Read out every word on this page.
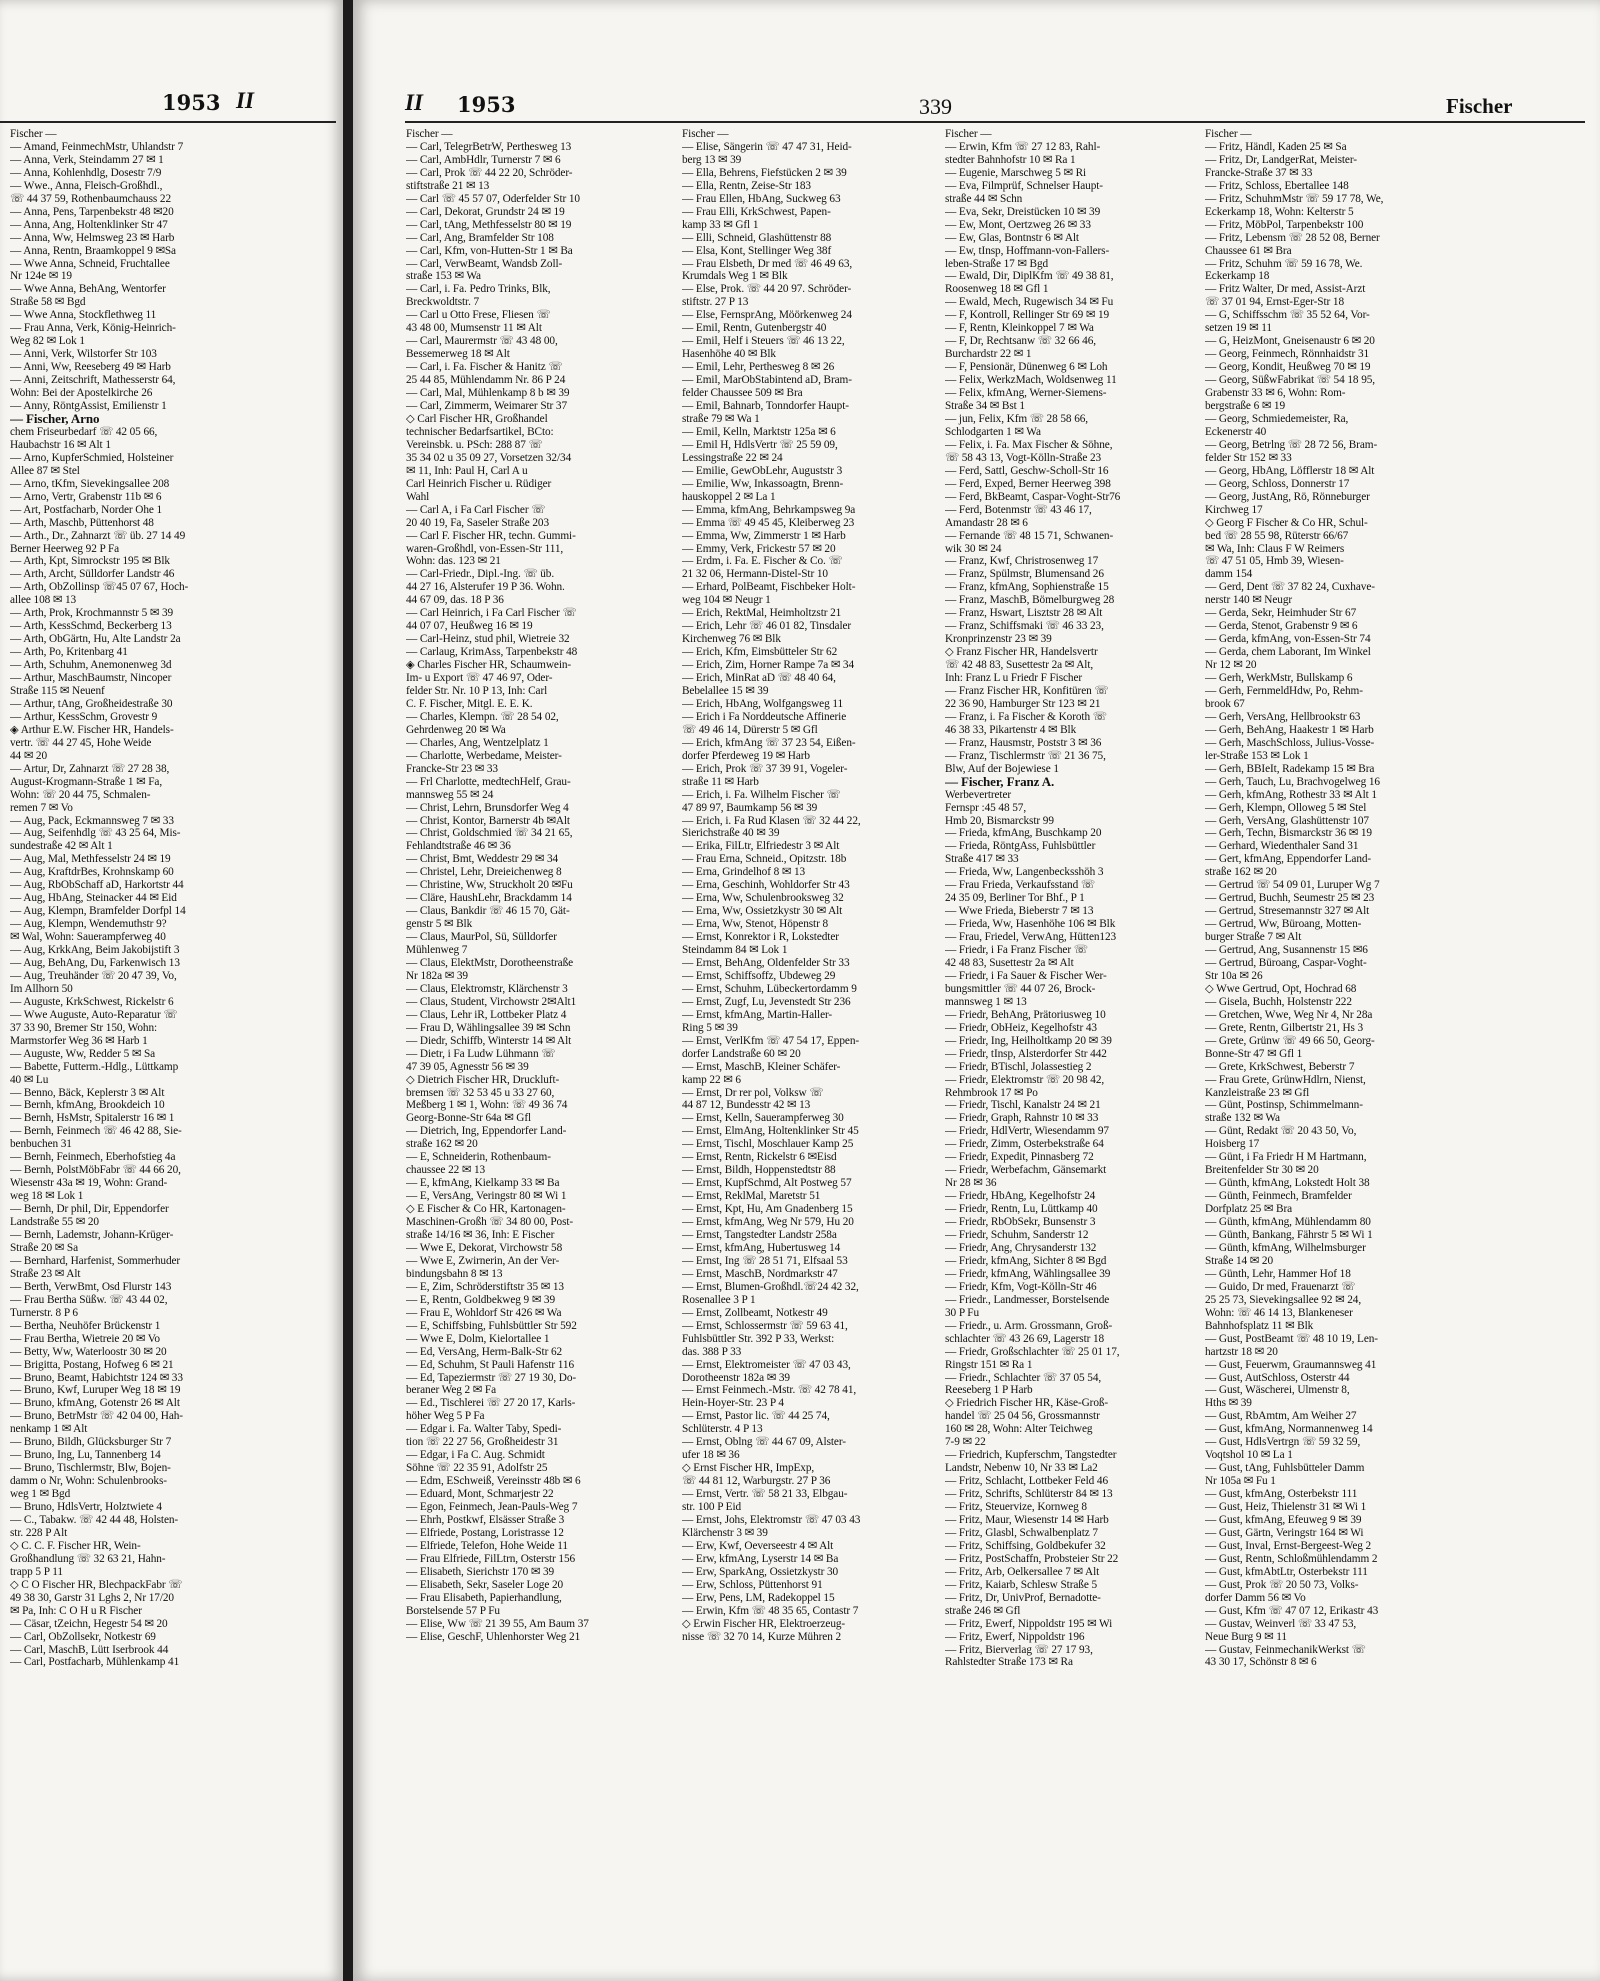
1953 II
Fischer —
— Amand, FeinmechMstr, Uhlandstr 7
— Anna, Verk, Steindamm 27 ✉ 1
— Anna, Kohlenhdlg, Dosestr 7/9
— Wwe., Anna, Fleisch-Großhdl.,
☏ 44 37 59, Rothenbaumchauss 22
— Anna, Pens, Tarpenbekstr 48 ✉20
— Anna, Ang, Holtenklinker Str 47
— Anna, Ww, Helmsweg 23 ✉ Harb
— Anna, Rentn, Braamkoppel 9 ✉Sa
— Wwe Anna, Schneid, Fruchtallee
Nr 124e ✉ 19
— Wwe Anna, BehAng, Wentorfer
Straße 58 ✉ Bgd
— Wwe Anna, Stockflethweg 11
— Frau Anna, Verk, König-Heinrich-
Weg 82 ✉ Lok 1
— Anni, Verk, Wilstorfer Str 103
— Anni, Ww, Reeseberg 49 ✉ Harb
— Anni, Zeitschrift, Mathesserstr 64,
Wohn: Bei der Apostelkirche 26
— Anny, RöntgAssist, Emilienstr 1
— Fischer, Arno
chem Friseurbedarf ☏ 42 05 66,
Haubachstr 16 ✉ Alt 1
— Arno, KupferSchmied, Holsteiner
Allee 87 ✉ Stel
— Arno, tKfm, Sievekingsallee 208
— Arno, Vertr, Grabenstr 11b ✉ 6
— Art, Postfacharb, Norder Ohe 1
— Arth, Maschb, Püttenhorst 48
— Arth., Dr., Zahnarzt ☏ üb. 27 14 49
Berner Heerweg 92 P Fa
— Arth, Kpt, Simrockstr 195 ✉ Blk
— Arth, Archt, Sülldorfer Landstr 46
— Arth, ObZollinsp ☏45 07 67, Hoch-
allee 108 ✉ 13
— Arth, Prok, Krochmannstr 5 ✉ 39
— Arth, KessSchmd, Beckerberg 13
— Arth, ObGärtn, Hu, Alte Landstr 2a
— Arth, Po, Kritenbarg 41
— Arth, Schuhm, Anemonenweg 3d
— Arthur, MaschBaumstr, Nincoper
Straße 115 ✉ Neuenf
— Arthur, tAng, Großheidestraße 30
— Arthur, KessSchm, Grovestr 9
◈ Arthur E.W. Fischer HR, Handels-
vertr. ☏ 44 27 45, Hohe Weide
44 ✉ 20
— Artur, Dr, Zahnarzt ☏ 27 28 38,
August-Krogmann-Straße 1 ✉ Fa,
Wohn: ☏ 20 44 75, Schmalen-
remen 7 ✉ Vo
— Aug, Pack, Eckmannsweg 7 ✉ 33
— Aug, Seifenhdlg ☏ 43 25 64, Mis-
sundestraße 42 ✉ Alt 1
— Aug, Mal, Methfesselstr 24 ✉ 19
— Aug, KraftdrBes, Krohnskamp 60
— Aug, RbObSchaff aD, Harkortstr 44
— Aug, HbAng, Steinacker 44 ✉ Eid
— Aug, Klempn, Bramfelder Dorfpl 14
— Aug, Klempn, Wendemuthstr 9?
✉ Wal, Wohn: Sauerampferweg 40
— Aug, KrkkAng, Beim Jakobijstift 3
— Aug, BehAng, Du, Farkenwisch 13
— Aug, Treuhänder ☏ 20 47 39, Vo,
Im Allhorn 50
— Auguste, KrkSchwest, Rickelstr 6
— Wwe Auguste, Auto-Reparatur ☏
37 33 90, Bremer Str 150, Wohn:
Marmstorfer Weg 36 ✉ Harb 1
— Auguste, Ww, Redder 5 ✉ Sa
— Babette, Futterm.-Hdlg., Lüttkamp
40 ✉ Lu
— Benno, Bäck, Keplerstr 3 ✉ Alt
— Bernh, kfmAng, Brookdeich 10
— Bernh, HsMstr, Spitalerstr 16 ✉ 1
— Bernh, Feinmech ☏ 46 42 88, Sie-
benbuchen 31
— Bernh, Feinmech, Eberhofstieg 4a
— Bernh, PolstMöbFabr ☏ 44 66 20,
Wiesenstr 43a ✉ 19, Wohn: Grand-
weg 18 ✉ Lok 1
— Bernh, Dr phil, Dir, Eppendorfer
Landstraße 55 ✉ 20
— Bernh, Lademstr, Johann-Krüger-
Straße 20 ✉ Sa
— Bernhard, Harfenist, Sommerhuder
Straße 23 ✉ Alt
— Berth, VerwBmt, Osd Flurstr 143
— Frau Bertha Süßw. ☏ 43 44 02,
Turnerstr. 8 P 6
— Bertha, Neuhöfer Brückenstr 1
— Frau Bertha, Wietreie 20 ✉ Vo
— Betty, Ww, Waterloostr 30 ✉ 20
— Brigitta, Postang, Hofweg 6 ✉ 21
— Bruno, Beamt, Habichtstr 124 ✉ 33
— Bruno, Kwf, Luruper Weg 18 ✉ 19
— Bruno, kfmAng, Gotenstr 26 ✉ Alt
— Bruno, BetrMstr ☏ 42 04 00, Hah-
nenkamp 1 ✉ Alt
— Bruno, Bildh, Glücksburger Str 7
— Bruno, Ing, Lu, Tannenberg 14
— Bruno, Tischlermstr, Blw, Bojen-
damm o Nr, Wohn: Schulenbrooks-
weg 1 ✉ Bgd
— Bruno, HdlsVertr, Holztwiete 4
— C., Tabakw. ☏ 42 44 48, Holsten-
str. 228 P Alt
◇ C. C. F. Fischer HR, Wein-
Großhandlung ☏ 32 63 21, Hahn-
trapp 5 P 11
◇ C O Fischer HR, BlechpackFabr ☏
49 38 30, Garstr 31 Lghs 2, Nr 17/20
✉ Pa, Inh: C O H u R Fischer
— Cäsar, tZeichn, Hegestr 54 ✉ 20
— Carl, ObZollsekr, Notkestr 69
— Carl, MaschB, Lütt Iserbrook 44
— Carl, Postfacharb, Mühlenkamp 41
II 1953	339	Fischer
Fischer —
— Carl, TelegrBetrW, Perthesweg 13
— Carl, AmbHdlr, Turnerstr 7 ✉ 6
— Carl, Prok ☏ 44 22 20, Schröder-
stiftstraße 21 ✉ 13
— Carl ☏ 45 57 07, Oderfelder Str 10
— Carl, Dekorat, Grundstr 24 ✉ 19
— Carl, tAng, Methfesselstr 80 ✉ 19
— Carl, Ang, Bramfelder Str 108
— Carl, Kfm, von-Hutten-Str 1 ✉ Ba
— Carl, VerwBeamt, Wandsb Zoll-
straße 153 ✉ Wa
— Carl, i. Fa. Pedro Trinks, Blk,
Breckwoldtstr. 7
— Carl u Otto Frese, Fliesen ☏
43 48 00, Mumsenstr 11 ✉ Alt
— Carl, Maurermstr ☏ 43 48 00,
Bessemerweg 18 ✉ Alt
— Carl, i. Fa. Fischer & Hanitz ☏
25 44 85, Mühlendamm Nr. 86 P 24
— Carl, Mal, Mühlenkamp 8 b ✉ 39
— Carl, Zimmerm, Weimarer Str 37
◇ Carl Fischer HR, Großhandel
technischer Bedarfsartikel, BCto:
Vereinsbk. u. PSch: 288 87 ☏
35 34 02 u 35 09 27, Vorsetzen 32/34
✉ 11, Inh: Paul H, Carl A u
Carl Heinrich Fischer u. Rüdiger
Wahl
— Carl A, i Fa Carl Fischer ☏
20 40 19, Fa, Saseler Straße 203
— Carl F. Fischer HR, techn. Gummi-
waren-Großhdl, von-Essen-Str 111,
Wohn: das. 123 ✉ 21
— Carl-Friedr., Dipl.-Ing. ☏ üb.
44 27 16, Alsterufer 19 P 36. Wohn.
44 67 09, das. 18 P 36
— Carl Heinrich, i Fa Carl Fischer ☏
44 07 07, Heußweg 16 ✉ 19
— Carl-Heinz, stud phil, Wietreie 32
— Carlaug, KrimAss, Tarpenbekstr 48
◈ Charles Fischer HR, Schaumwein-
Im- u Export ☏ 47 46 97, Oder-
felder Str. Nr. 10 P 13, Inh: Carl
C. F. Fischer, Mitgl. E. E. K.
— Charles, Klempn. ☏ 28 54 02,
Gehrdenweg 20 ✉ Wa
— Charles, Ang, Wentzelplatz 1
— Charlotte, Werbedame, Meister-
Francke-Str 23 ✉ 33
— Frl Charlotte, medtechHelf, Grau-
mannsweg 55 ✉ 24
— Christ, Lehrn, Brunsdorfer Weg 4
— Christ, Kontor, Barnerstr 4b ✉Alt
— Christ, Goldschmied ☏ 34 21 65,
Fehlandtstraße 46 ✉ 36
— Christ, Bmt, Weddestr 29 ✉ 34
— Christel, Lehr, Dreieichenweg 8
— Christine, Ww, Struckholt 20 ✉Fu
— Cläre, HaushLehr, Brackdamm 14
— Claus, Bankdir ☏ 46 15 70, Gät-
genstr 5 ✉ Blk
— Claus, MaurPol, Sü, Sülldorfer
Mühlenweg 7
— Claus, ElektMstr, Dorotheenstraße
Nr 182a ✉ 39
— Claus, Elektromstr, Klärchenstr 3
— Claus, Student, Virchowstr 2✉Alt1
— Claus, Lehr iR, Lottbeker Platz 4
— Frau D, Wählingsallee 39 ✉ Schn
— Diedr, Schiffb, Winterstr 14 ✉ Alt
— Dietr, i Fa Ludw Lühmann ☏
47 39 05, Agnesstr 56 ✉ 39
◇ Dietrich Fischer HR, Druckluft-
bremsen ☏ 32 53 45 u 33 27 60,
Meßberg 1 ✉ 1, Wohn: ☏ 49 36 74
Georg-Bonne-Str 64a ✉ Gfl
— Dietrich, Ing, Eppendorfer Land-
straße 162 ✉ 20
— E, Schneiderin, Rothenbaum-
chaussee 22 ✉ 13
— E, kfmAng, Kielkamp 33 ✉ Ba
— E, VersAng, Veringstr 80 ✉ Wi 1
◇ E Fischer & Co HR, Kartonagen-
Maschinen-Großh ☏ 34 80 00, Post-
straße 14/16 ✉ 36, Inh: E Fischer
— Wwe E, Dekorat, Virchowstr 58
— Wwe E, Zwirnerin, An der Ver-
bindungsbahn 8 ✉ 13
— E, Zim, Schröderstiftstr 35 ✉ 13
— E, Rentn, Goldbekweg 9 ✉ 39
— Frau E, Wohldorf Str 426 ✉ Wa
— E, Schiffsbing, Fuhlsbüttler Str 592
— Wwe E, Dolm, Kielortallee 1
— Ed, VersAng, Herm-Balk-Str 62
— Ed, Schuhm, St Pauli Hafenstr 116
— Ed, Tapeziermstr ☏ 27 19 30, Do-
beraner Weg 2 ✉ Fa
— Ed., Tischlerei ☏ 27 20 17, Karls-
höher Weg 5 P Fa
— Edgar i. Fa. Walter Taby, Spedi-
tion ☏ 22 27 56, Großheidestr 31
— Edgar, i Fa C. Aug. Schmidt
Söhne ☏ 22 35 91, Adolfstr 25
— Edm, ESchweiß, Vereinsstr 48b ✉ 6
— Eduard, Mont, Schmarjestr 22
— Egon, Feinmech, Jean-Pauls-Weg 7
— Ehrh, Postkwf, Elsässer Straße 3
— Elfriede, Postang, Loristrasse 12
— Elfriede, Telefon, Hohe Weide 11
— Frau Elfriede, FilLtrn, Osterstr 156
— Elisabeth, Sierichstr 170 ✉ 39
— Elisabeth, Sekr, Saseler Loge 20
— Frau Elisabeth, Papierhandlung,
Borstelsende 57 P Fu
— Elise, Ww ☏ 21 39 55, Am Baum 37
— Elise, GeschF, Uhlenhorster Weg 21
Fischer —
— Elise, Sängerin ☏ 47 47 31, Heid-
berg 13 ✉ 39
— Ella, Behrens, Fiefstücken 2 ✉ 39
— Ella, Rentn, Zeise-Str 183
— Frau Ellen, HbAng, Suckweg 63
— Frau Elli, KrkSchwest, Papen-
kamp 33 ✉ Gfl 1
— Elli, Schneid, Glashüttenstr 88
— Elsa, Kont, Stellinger Weg 38f
— Frau Elsbeth, Dr med ☏ 46 49 63,
Krumdals Weg 1 ✉ Blk
— Else, Prok. ☏ 44 20 97. Schröder-
stiftstr. 27 P 13
— Else, FernsprAng, Möörkenweg 24
— Emil, Rentn, Gutenbergstr 40
— Emil, Helf i Steuers ☏ 46 13 22,
Hasenhöhe 40 ✉ Blk
— Emil, Lehr, Perthesweg 8 ✉ 26
— Emil, MarObStabintend aD, Bram-
felder Chaussee 509 ✉ Bra
— Emil, Bahnarb, Tonndorfer Haupt-
straße 79 ✉ Wa 1
— Emil, Kelln, Marktstr 125a ✉ 6
— Emil H, HdlsVertr ☏ 25 59 09,
Lessingstraße 22 ✉ 24
— Emilie, GewObLehr, Auguststr 3
— Emilie, Ww, Inkassoagtn, Brenn-
hauskoppel 2 ✉ La 1
— Emma, kfmAng, Behrkampsweg 9a
— Emma ☏ 49 45 45, Kleiberweg 23
— Emma, Ww, Zimmerstr 1 ✉ Harb
— Emmy, Verk, Frickestr 57 ✉ 20
— Erdm, i. Fa. E. Fischer & Co. ☏
21 32 06, Hermann-Distel-Str 10
— Erhard, PolBeamt, Fischbeker Holt-
weg 104 ✉ Neugr 1
— Erich, RektMal, Heimholtzstr 21
— Erich, Lehr ☏ 46 01 82, Tinsdaler
Kirchenweg 76 ✉ Blk
— Erich, Kfm, Eimsbütteler Str 62
— Erich, Zim, Horner Rampe 7a ✉ 34
— Erich, MinRat aD ☏ 48 40 64,
Bebelallee 15 ✉ 39
— Erich, HbAng, Wolfgangsweg 11
— Erich i Fa Norddeutsche Affinerie
☏ 49 46 14, Dürerstr 5 ✉ Gfl
— Erich, kfmAng ☏ 37 23 54, Eißen-
dorfer Pferdeweg 19 ✉ Harb
— Erich, Prok ☏ 37 39 91, Vogeler-
straße 11 ✉ Harb
— Erich, i. Fa. Wilhelm Fischer ☏
47 89 97, Baumkamp 56 ✉ 39
— Erich, i. Fa Rud Klasen ☏ 32 44 22,
Sierichstraße 40 ✉ 39
— Erika, FilLtr, Elfriedestr 3 ✉ Alt
— Frau Erna, Schneid., Opitzstr. 18b
— Erna, Grindelhof 8 ✉ 13
— Erna, Geschinh, Wohldorfer Str 43
— Erna, Ww, Schulenbrooksweg 32
— Erna, Ww, Ossietzkystr 30 ✉ Alt
— Erna, Ww, Stenot, Höpenstr 8
— Ernst, Konrektor i R, Lokstedter
Steindamm 84 ✉ Lok 1
— Ernst, BehAng, Oldenfelder Str 33
— Ernst, Schiffsoffz, Ubdeweg 29
— Ernst, Schuhm, Lübeckertordamm 9
— Ernst, Zugf, Lu, Jevenstedt Str 236
— Ernst, kfmAng, Martin-Haller-
Ring 5 ✉ 39
— Ernst, VerlKfm ☏ 47 54 17, Eppen-
dorfer Landstraße 60 ✉ 20
— Ernst, MaschB, Kleiner Schäfer-
kamp 22 ✉ 6
— Ernst, Dr rer pol, Volksw ☏
44 87 12, Bundesstr 42 ✉ 13
— Ernst, Kelln, Sauerampferweg 30
— Ernst, ElmAng, Holtenklinker Str 45
— Ernst, Tischl, Moschlauer Kamp 25
— Ernst, Rentn, Rickelstr 6 ✉Eisd
— Ernst, Bildh, Hoppenstedtstr 88
— Ernst, KupfSchmd, Alt Postweg 57
— Ernst, ReklMal, Maretstr 51
— Ernst, Kpt, Hu, Am Gnadenberg 15
— Ernst, kfmAng, Weg Nr 579, Hu 20
— Ernst, Tangstedter Landstr 258a
— Ernst, kfmAng, Hubertusweg 14
— Ernst, Ing ☏ 28 51 71, Elfsaal 53
— Ernst, MaschB, Nordmarkstr 47
— Ernst, Blumen-Großhdl.☏24 42 32,
Rosenallee 3 P 1
— Ernst, Zollbeamt, Notkestr 49
— Ernst, Schlossermstr ☏ 59 63 41,
Fuhlsbüttler Str. 392 P 33, Werkst:
das. 388 P 33
— Ernst, Elektromeister ☏ 47 03 43,
Dorotheenstr 182a ✉ 39
— Ernst Feinmech.-Mstr. ☏ 42 78 41,
Hein-Hoyer-Str. 23 P 4
— Ernst, Pastor lic. ☏ 44 25 74,
Schlüterstr. 4 P 13
— Ernst, Oblng ☏ 44 67 09, Alster-
ufer 18 ✉ 36
◇ Ernst Fischer HR, ImpExp,
☏ 44 81 12, Warburgstr. 27 P 36
— Ernst, Vertr. ☏ 58 21 33, Elbgau-
str. 100 P Eid
— Ernst, Johs, Elektromstr ☏ 47 03 43
Klärchenstr 3 ✉ 39
— Erw, Kwf, Oeverseestr 4 ✉ Alt
— Erw, kfmAng, Lyserstr 14 ✉ Ba
— Erw, SparkAng, Ossietzkystr 30
— Erw, Schloss, Püttenhorst 91
— Erw, Pens, LM, Radekoppel 15
— Erwin, Kfm ☏ 48 35 65, Contastr 7
◇ Erwin Fischer HR, Elektroerzeug-
nisse ☏ 32 70 14, Kurze Mühren 2
Fischer —
— Erwin, Kfm ☏ 27 12 83, Rahl-
stedter Bahnhofstr 10 ✉ Ra 1
— Eugenie, Marschweg 5 ✉ Ri
— Eva, Filmprüf, Schnelser Haupt-
straße 44 ✉ Schn
— Eva, Sekr, Dreistücken 10 ✉ 39
— Ew, Mont, Oertzweg 26 ✉ 33
— Ew, Glas, Bontnstr 6 ✉ Alt
— Ew, tInsp, Hoffmann-von-Fallers-
leben-Straße 17 ✉ Bgd
— Ewald, Dir, DiplKfm ☏ 49 38 81,
Roosenweg 18 ✉ Gfl 1
— Ewald, Mech, Rugewisch 34 ✉ Fu
— F, Kontroll, Rellinger Str 69 ✉ 19
— F, Rentn, Kleinkoppel 7 ✉ Wa
— F, Dr, Rechtsanw ☏ 32 66 46,
Burchardstr 22 ✉ 1
— F, Pensionär, Dünenweg 6 ✉ Loh
— Felix, WerkzMach, Woldsenweg 11
— Felix, kfmAng, Werner-Siemens-
Straße 34 ✉ Bst 1
— jun, Felix, Kfm ☏ 28 58 66,
Schlodgarten 1 ✉ Wa
— Felix, i. Fa. Max Fischer & Söhne,
☏ 58 43 13, Vogt-Kölln-Straße 23
— Ferd, Sattl, Geschw-Scholl-Str 16
— Ferd, Exped, Berner Heerweg 398
— Ferd, BkBeamt, Caspar-Voght-Str76
— Ferd, Botenmstr ☏ 43 46 17,
Amandastr 28 ✉ 6
— Fernande ☏ 48 15 71, Schwanen-
wik 30 ✉ 24
— Franz, Kwf, Christrosenweg 17
— Franz, Spülmstr, Blumensand 26
— Franz, kfmAng, Sophienstraße 15
— Franz, MaschB, Bömelburgweg 28
— Franz, Hswart, Lisztstr 28 ✉ Alt
— Franz, Schiffsmaki ☏ 46 33 23,
Kronprinzenstr 23 ✉ 39
◇ Franz Fischer HR, Handelsvertr
☏ 42 48 83, Susettestr 2a ✉ Alt,
Inh: Franz L u Friedr F Fischer
— Franz Fischer HR, Konfitüren ☏
22 36 90, Hamburger Str 123 ✉ 21
— Franz, i. Fa Fischer & Koroth ☏
46 38 33, Pikartenstr 4 ✉ Blk
— Franz, Hausmstr, Poststr 3 ✉ 36
— Franz, Tischlermstr ☏ 21 36 75,
Blw, Auf der Bojewiese 1
— Fischer, Franz A.
Werbevertreter
Fernspr :45 48 57,
Hmb 20, Bismarckstr 99
— Frieda, kfmAng, Buschkamp 20
— Frieda, RöntgAss, Fuhlsbüttler
Straße 417 ✉ 33
— Frieda, Ww, Langenbecksshöh 3
— Frau Frieda, Verkaufsstand ☏
24 35 09, Berliner Tor Bhf., P 1
— Wwe Frieda, Bieberstr 7 ✉ 13
— Frieda, Ww, Hasenhöhe 106 ✉ Blk
— Frau, Friedel, VerwAng, Hütten123
— Friedr, i Fa Franz Fischer ☏
42 48 83, Susettestr 2a ✉ Alt
— Friedr, i Fa Sauer & Fischer Wer-
bungsmittler ☏ 44 07 26, Brock-
mannsweg 1 ✉ 13
— Friedr, BehAng, Prätoriusweg 10
— Friedr, ObHeiz, Kegelhofstr 43
— Friedr, Ing, Heilholtkamp 20 ✉ 39
— Friedr, tInsp, Alsterdorfer Str 442
— Friedr, BTischl, Jolassestieg 2
— Friedr, Elektromstr ☏ 20 98 42,
Rehmbrook 17 ✉ Po
— Friedr, Tischl, Kanalstr 24 ✉ 21
— Friedr, Graph, Rahnstr 10 ✉ 33
— Friedr, HdlVertr, Wiesendamm 97
— Friedr, Zimm, Osterbekstraße 64
— Friedr, Expedit, Pinnasberg 72
— Friedr, Werbefachm, Gänsemarkt
Nr 28 ✉ 36
— Friedr, HbAng, Kegelhofstr 24
— Friedr, Rentn, Lu, Lüttkamp 40
— Friedr, RbObSekr, Bunsenstr 3
— Friedr, Schuhm, Sanderstr 12
— Friedr, Ang, Chrysanderstr 132
— Friedr, kfmAng, Sichter 8 ✉ Bgd
— Friedr, kfmAng, Wählingsallee 39
— Friedr, Kfm, Vogt-Kölln-Str 46
— Friedr., Landmesser, Borstelsende
30 P Fu
— Friedr., u. Arm. Grossmann, Groß-
schlachter ☏ 43 26 69, Lagerstr 18
— Friedr, Großschlachter ☏ 25 01 17,
Ringstr 151 ✉ Ra 1
— Friedr., Schlachter ☏ 37 05 54,
Reeseberg 1 P Harb
◇ Friedrich Fischer HR, Käse-Groß-
handel ☏ 25 04 56, Grossmannstr
160 ✉ 28, Wohn: Alter Teichweg
7-9 ✉ 22
— Friedrich, Kupferschm, Tangstedter
Landstr, Nebenw 10, Nr 33 ✉ La2
— Fritz, Schlacht, Lottbeker Feld 46
— Fritz, Schrifts, Schlüterstr 84 ✉ 13
— Fritz, Steuervize, Kornweg 8
— Fritz, Maur, Wiesenstr 14 ✉ Harb
— Fritz, Glasbl, Schwalbenplatz 7
— Fritz, Schiffsing, Goldbekufer 32
— Fritz, PostSchaffn, Probsteier Str 22
— Fritz, Arb, Oelkersallee 7 ✉ Alt
— Fritz, Kaiarb, Schlesw Straße 5
— Fritz, Dr, UnivProf, Bernadotte-
straße 246 ✉ Gfl
— Fritz, Ewerf, Nippoldstr 195 ✉ Wi
— Fritz, Ewerf, Nippoldstr 196
— Fritz, Bierverlag ☏ 27 17 93,
Rahlstedter Straße 173 ✉ Ra
Fischer —
— Fritz, Händl, Kaden 25 ✉ Sa
— Fritz, Dr, LandgerRat, Meister-
Francke-Straße 37 ✉ 33
— Fritz, Schloss, Ebertallee 148
— Fritz, SchuhmMstr ☏ 59 17 78, We,
Eckerkamp 18, Wohn: Kelterstr 5
— Fritz, MöbPol, Tarpenbekstr 100
— Fritz, Lebensm ☏ 28 52 08, Berner
Chaussee 61 ✉ Bra
— Fritz, Schuhm ☏ 59 16 78, We.
Eckerkamp 18
— Fritz Walter, Dr med, Assist-Arzt
☏ 37 01 94, Ernst-Eger-Str 18
— G, Schiffsschm ☏ 35 52 64, Vor-
setzen 19 ✉ 11
— G, HeizMont, Gneisenaustr 6 ✉ 20
— Georg, Feinmech, Rönnhaidstr 31
— Georg, Kondit, Heußweg 70 ✉ 19
— Georg, SüßwFabrikat ☏ 54 18 95,
Grabenstr 33 ✉ 6, Wohn: Rom-
bergstraße 6 ✉ 19
— Georg, Schmiedemeister, Ra,
Eckenerstr 40
— Georg, Betrlng ☏ 28 72 56, Bram-
felder Str 152 ✉ 33
— Georg, HbAng, Löfflerstr 18 ✉ Alt
— Georg, Schloss, Donnerstr 17
— Georg, JustAng, Rö, Rönneburger
Kirchweg 17
◇ Georg F Fischer & Co HR, Schul-
bed ☏ 28 55 98, Rüterstr 66/67
✉ Wa, Inh: Claus F W Reimers
☏ 47 51 05, Hmb 39, Wiesen-
damm 154
— Gerd, Dent ☏ 37 82 24, Cuxhave-
nerstr 140 ✉ Neugr
— Gerda, Sekr, Heimhuder Str 67
— Gerda, Stenot, Grabenstr 9 ✉ 6
— Gerda, kfmAng, von-Essen-Str 74
— Gerda, chem Laborant, Im Winkel
Nr 12 ✉ 20
— Gerh, WerkMstr, Bullskamp 6
— Gerh, FernmeldHdw, Po, Rehm-
brook 67
— Gerh, VersAng, Hellbrookstr 63
— Gerh, BehAng, Haakestr 1 ✉ Harb
— Gerh, MaschSchloss, Julius-Vosse-
ler-Straße 153 ✉ Lok 1
— Gerh, BBIeIt, Radekamp 15 ✉ Bra
— Gerh, Tauch, Lu, Brachvogelweg 16
— Gerh, kfmAng, Rothestr 33 ✉ Alt 1
— Gerh, Klempn, Olloweg 5 ✉ Stel
— Gerh, VersAng, Glashüttenstr 107
— Gerh, Techn, Bismarckstr 36 ✉ 19
— Gerhard, Wiedenthaler Sand 31
— Gert, kfmAng, Eppendorfer Land-
straße 162 ✉ 20
— Gertrud ☏ 54 09 01, Luruper Wg 7
— Gertrud, Buchh, Seumestr 25 ✉ 23
— Gertrud, Stresemannstr 327 ✉ Alt
— Gertrud, Ww, Büroang, Motten-
burger Straße 7 ✉ Alt
— Gertrud, Ang, Susannenstr 15 ✉6
— Gertrud, Büroang, Caspar-Voght-
Str 10a ✉ 26
◇ Wwe Gertrud, Opt, Hochrad 68
— Gisela, Buchh, Holstenstr 222
— Gretchen, Wwe, Weg Nr 4, Nr 28a
— Grete, Rentn, Gilbertstr 21, Hs 3
— Grete, Grünw ☏ 49 66 50, Georg-
Bonne-Str 47 ✉ Gfl 1
— Grete, KrkSchwest, Beberstr 7
— Frau Grete, GrünwHdlrn, Nienst,
Kanzleistraße 23 ✉ Gfl
— Günt, Postinsp, Schimmelmann-
straße 132 ✉ Wa
— Günt, Redakt ☏ 20 43 50, Vo,
Hoisberg 17
— Günt, i Fa Friedr H M Hartmann,
Breitenfelder Str 30 ✉ 20
— Günth, kfmAng, Lokstedt Holt 38
— Günth, Feinmech, Bramfelder
Dorfplatz 25 ✉ Bra
— Günth, kfmAng, Mühlendamm 80
— Günth, Bankang, Fährstr 5 ✉ Wi 1
— Günth, kfmAng, Wilhelmsburger
Straße 14 ✉ 20
— Günth, Lehr, Hammer Hof 18
— Guido, Dr med, Frauenarzt ☏
25 25 73, Sievekingsallee 92 ✉ 24,
Wohn: ☏ 46 14 13, Blankeneser
Bahnhofsplatz 11 ✉ Blk
— Gust, PostBeamt ☏ 48 10 19, Len-
hartzstr 18 ✉ 20
— Gust, Feuerwm, Graumannsweg 41
— Gust, AutSchloss, Osterstr 44
— Gust, Wäscherei, Ulmenstr 8,
Hths ✉ 39
— Gust, RbAmtm, Am Weiher 27
— Gust, kfmAng, Normannenweg 14
— Gust, HdlsVertrgn ☏ 59 32 59,
Voqtshol 10 ✉ La 1
— Gust, tAng, Fuhlsbütteler Damm
Nr 105a ✉ Fu 1
— Gust, kfmAng, Osterbekstr 111
— Gust, Heiz, Thielenstr 31 ✉ Wi 1
— Gust, kfmAng, Efeuweg 9 ✉ 39
— Gust, Gärtn, Veringstr 164 ✉ Wi
— Gust, Inval, Ernst-Bergeest-Weg 2
— Gust, Rentn, Schloßmühlendamm 2
— Gust, kfmAbtLtr, Osterbekstr 111
— Gust, Prok ☏ 20 50 73, Volks-
dorfer Damm 56 ✉ Vo
— Gust, Kfm ☏ 47 07 12, Erikastr 43
— Gustav, Weinverl ☏ 33 47 53,
Neue Burg 9 ✉ 11
— Gustav, FeinmechanikWerkst ☏
43 30 17, Schönstr 8 ✉ 6
